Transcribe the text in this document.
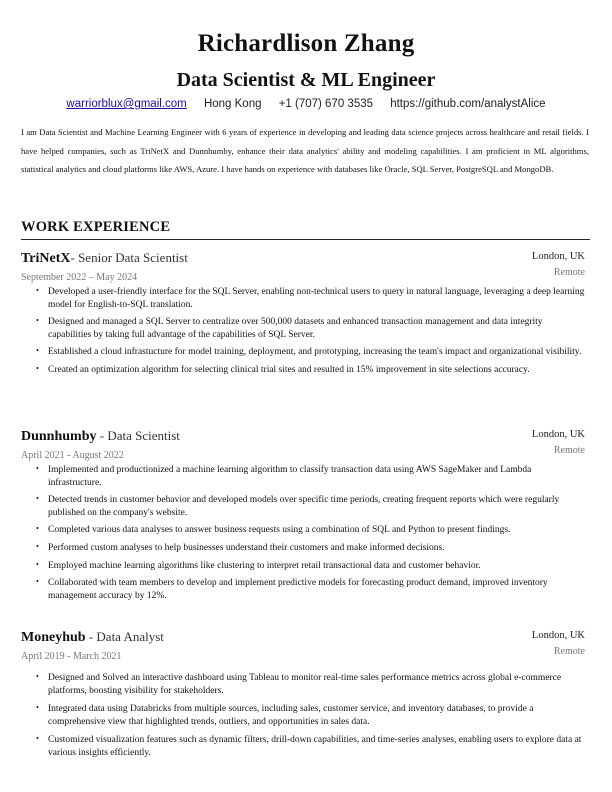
Richardlison Zhang
Data Scientist & ML Engineer
warriorblux@gmail.com Hong Kong +1 (707) 670 3535 https://github.com/analystAlice
I am Data Scientist and Machine Learning Engineer with 6 years of experience in developing and leading data science projects across healthcare and retail fields. I have helped companies, such as TriNetX and Dunnhumby, enhance their data analytics' ability and modeling capabilities. I am proficient in ML algorithms, statistical analytics and cloud platforms like AWS, Azure. I have hands on experience with databases like Oracle, SQL Server, PostgreSQL and MongoDB.
WORK EXPERIENCE
TriNetX- Senior Data Scientist	London, UK
September 2022 – May 2024	Remote
• Developed a user-friendly interface for the SQL Server, enabling non-technical users to query in natural language, leveraging a deep learning model for English-to-SQL translation.
• Designed and managed a SQL Server to centralize over 500,000 datasets and enhanced transaction management and data integrity capabilities by taking full advantage of the capabilities of SQL Server.
• Established a cloud infrastucture for model training, deployment, and prototyping, increasing the team's impact and organizational visibility.
• Created an optimization algorithm for selecting clinical trial sites and resulted in 15% improvement in site selections accuracy.
Dunnhumby - Data Scientist	London, UK
April 2021 - August 2022	Remote
• Implemented and productionized a machine learning algorithm to classify transaction data using AWS SageMaker and Lambda infrastructure.
• Detected trends in customer behavior and developed models over specific time periods, creating frequent reports which were regularly published on the company's website.
• Completed various data analyses to answer business requests using a combination of SQL and Python to present findings.
• Performed custom analyses to help businesses understand their customers and make informed decisions.
• Employed machine learning algorithms like clustering to interpret retail transactional data and customer behavior.
• Collaborated with team members to develop and implement predictive models for forecasting product demand, improved inventory management accuracy by 12%.
Moneyhub - Data Analyst	London, UK
April 2019 - March 2021	Remote
• Designed and Solved an interactive dashboard using Tableau to monitor real-time sales performance metrics across global e-commerce platforms, boosting visibility for stakeholders.
• Integrated data using Databricks from multiple sources, including sales, customer service, and inventory databases, to provide a comprehensive view that highlighted trends, outliers, and opportunities in sales data.
• Customized visualization features such as dynamic filters, drill-down capabilities, and time-series analyses, enabling users to explore data at various insights efficiently.
